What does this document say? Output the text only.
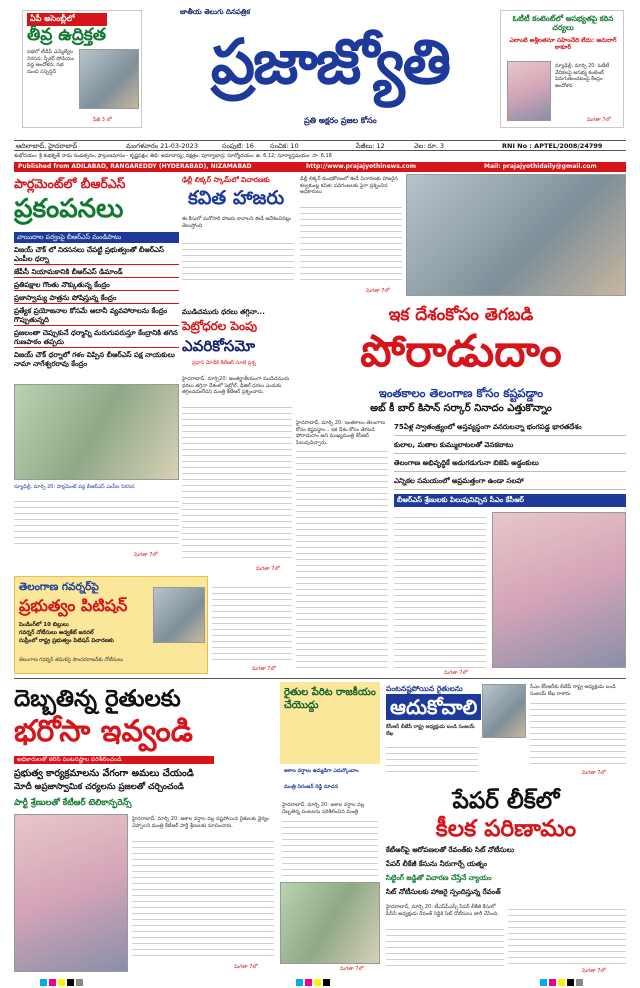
ఏపీ అసెంబ్లీలో
తీవ్ర ఉద్రిక్తత
సభలో టీడీపీ ఎమ్మెల్యేల నిరసన; స్పీకర్ పోడియం వద్ద ఆందోళన; సభ నుంచి సస్పెన్షన్
పేజీ 3 లో
జాతీయ తెలుగు దినపత్రిక
ప్రజాజ్యోతి
ప్రతి అక్షరం ప్రజల కోసం
ఓటీటీ కంటెంట్‌లో అసభ్యతపై కఠిన చర్యలు
ఎలాంటి అశ్లీలతనూ సహించేది లేదు: అనురాగ్ ఠాకూర్
న్యూఢిల్లీ, మార్చి 20: ఓటీటీ వేదికలపై అసభ్య కంటెంట్ పెరుగుతుండటంపై కేంద్రం ఆందోళన
మిగతా 7లో
ఆదిలాబాద్, హైదరాబాద్	మంగళవారం 21-03-2023	సంపుటి: 16 సంచిక: 10	పేజీలు: 12	వెల: రూ. 3	RNI No : APTEL/2008/24799
శుభోదయం: శ్రీ శుభకృత్ నామ సంవత్సరం, ఫాల్గుణమాసం - కృష్ణపక్షం; తిథి: అమావాస్య; నక్షత్రం: పూర్వాభాద్ర; సూర్యోదయం: ఉ. 6.12; సూర్యాస్తమయం: సా. 6.18
Published from ADILABAD, RANGAREDDY (HYDERABAD), NIZAMABAD	http://www.prajajyothinews.com	Mail: prajajyothidaily@gmail.com
పార్లమెంట్‌లో బీఆర్ఎస్
ప్రకంపనలు
వాయిదాల పర్వంపై బీఆర్ఎస్ మండిపాటు
విజయ్ చౌక్ లో నిరసనలు చేపట్టి ప్రభుత్వంతో బీఆర్ఎస్ ఎంపీల ధర్నా
జేపీసీ నియామకానికి బీఆర్ఎస్ డిమాండ్
ప్రతిపక్షాల గొంతు నొక్కుతున్న కేంద్రం
ప్రజాస్వామ్య పాత్రను పోషిస్తున్న కేంద్రం
ప్రత్యేక ప్రయోజనాల కోసమే ఆదానీ వ్యవహారాలను కేంద్రం గొప్పుతున్నది
ప్రజలంతా చెప్పుకునే ధర్మాన్ని మరుగుపరుస్తూ కేంద్రానికి తగిన గుణపాఠం తప్పదు
విజయ్ చౌక్ ధర్నాలో గళం విప్పిన బీఆర్ఎస్ పక్ష నాయకులు నామా నాగేశ్వరరావు కేంద్రం
న్యూఢిల్లీ, మార్చి 20: పార్లమెంట్ వద్ద బీఆర్ఎస్ ఎంపీల నిరసన
మిగతా 7లో
ఢిల్లీ లిక్కర్ స్కామ్‌లో విచారణకు
కవిత హాజరు
ఈ కేసులో మరోసారి హాజరు కావాలని ఈడీ ఆదేశించినట్లు తెలుస్తోంది
ఢిల్లీ లిక్కర్ కుంభకోణంలో ఈడీ విచారణకు హాజరైన కల్వకుంట్ల కవిత; పదిగంటలకు పైగా ప్రశ్నించిన అధికారులు
మిగతా 7లో
ముడిచమురు ధరలు తగ్గినా...
పెట్రోధరల పెంపు
ఎవరికోసమో
ప్రధాని మోడీకి కేటీఆర్ సూటి ప్రశ్న
హైదరాబాద్, మార్చి20: అంతర్జాతీయంగా ముడిచమురు ధరలు తగ్గినా దేశంలో పెట్రోల్, డీజిల్ ధరలు ఎందుకు తగ్గించడంలేదని మంత్రి కేటీఆర్ ప్రశ్నించారు.
మిగతా 7లో
ఇక దేశంకోసం తెగబడి
పోరాడుదాం
ఇంతకాలం తెలంగాణ కోసం కష్టపడ్డాం
అబ్ కీ బార్ కిసాన్ సర్కార్ నినాదం ఎత్తుకొన్నాం
హైదరాబాద్, మార్చి 20: ఇంతకాలం తెలంగాణ కోసం కష్టపడ్డాం... ఇక దేశం కోసం తెగబడి పోరాడుదాం అని ముఖ్యమంత్రి కేసీఆర్ పిలుపునిచ్చారు.
75ఏళ్ల స్వాతంత్ర్యంలో అస్తవ్యస్థంగా వనరులన్నా భంగపడ్డ భారతదేశం
కులాల, మతాల కుమ్ములాటలతో వెనకబాటు
తెలంగాణ అభివృద్ధికే అడుగడుగునా బిజెపి అడ్డంకులు
ఎన్నికల సమయంలో అప్రమత్తంగా ఉండా సలహా
బీఆర్ఎస్ శ్రేణులకు పిలుపునిచ్చిన సీఎం కేసీఆర్
మిగతా 7లో
తెలంగాణ గవర్నర్‌పై
ప్రభుత్వం పిటిషన్
పెండింగ్‌లో 10 బిల్లులు
గవర్నర్ నోటీసులు అడ్వకేట్ జనరల్
సుప్రీంలో రాష్ట్ర ప్రభుత్వం పిటిషన్ విచారణకు
తెలంగాణ గవర్నర్ తమిళిసై సౌందరరాజన్‌కు నోటీసులు
మిగతా 7లో
దెబ్బతిన్న రైతులకు
భరోసా ఇవ్వండి
అధికారులతో కలిసి పంటనష్టాల పరిశీలించండి
ప్రభుత్వ కార్యక్రమాలను వేగంగా అమలు చేయండి
మోదీ అప్రజాస్వామిక చర్యలను ప్రజలతో చర్చించండి
పార్టీ శ్రేణులతో కేటీఆర్ టెలికాన్ఫరెన్స్
హైదరాబాద్, మార్చి 20: అకాల వర్షాల వల్ల నష్టపోయిన రైతులకు ధైర్యం చెప్పాలని మంత్రి కేటీఆర్ పార్టీ శ్రేణులకు సూచించారు.
మిగతా 7లో
రైతుల పేరిట రాజకీయం చేయొద్దు
అకాల వర్షాలు ఉమ్మడిగా ఎదుర్కొందాం
మంత్రి నిరంజన్ రెడ్డి సూచన
హైదరాబాద్, మార్చి 20: అకాల వర్షాల వల్ల దెబ్బతిన్న పంటలను పరిశీలించిన మంత్రి
మిగతా 7లో
పంటనష్టపోయిన రైతులను
ఆదుకోవాలి
కేసీఆర్ బీజేపీ రాష్ట్ర అధ్యక్షుడు బండి సంజయ్ లేఖ
సీఎం కేసీఆర్‌కు బీజేపీ రాష్ట్ర అధ్యక్షుడు బండి సంజయ్ లేఖ రాశారు
మిగతా 7లో
పేపర్ లీక్‌లో
కీలక పరిణామం
కేటీఆర్‌పై ఆరోపణలతో రేవంత్‌కు సిట్ నోటీసులు
పేపర్ లీకేజీ కేసును నీరుగార్చే యత్నం
సిట్టింగ్ జడ్జితో విచారణ చేస్తేనే న్యాయం
సిట్ నోటీసులకు హాజరై స్పందిస్తున్న రేవంత్
హైదరాబాద్, మార్చి 20: టీఎస్‌పీఎస్సీ పేపర్ లీకేజీ కేసులో పీసీసీ అధ్యక్షుడు రేవంత్ రెడ్డికి సిట్ నోటీసులు జారీ చేసింది.
మిగతా 7లో
